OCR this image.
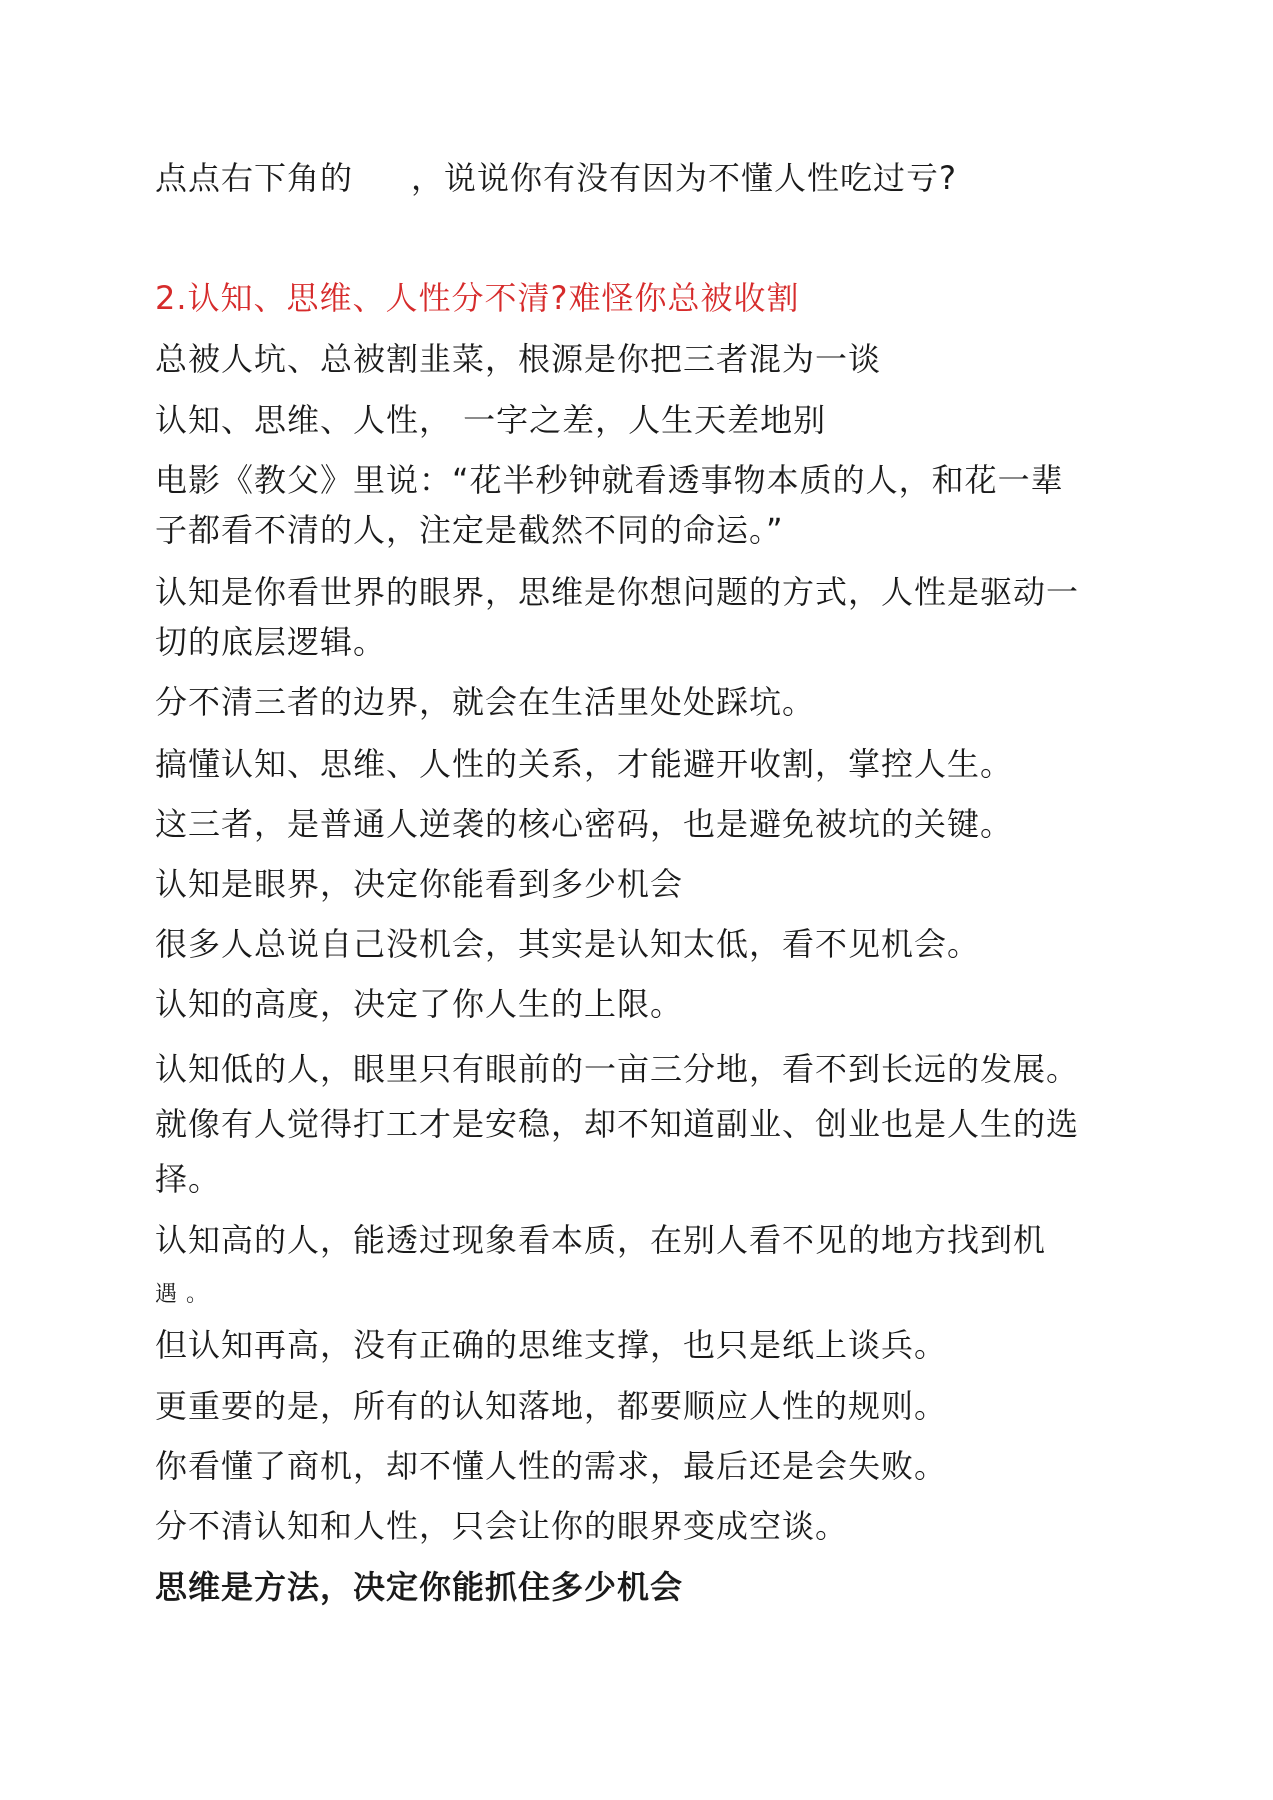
点点右下角的 ，说说你有没有因为不懂人性吃过亏?
2.认知、思维、人性分不清?难怪你总被收割
总被人坑、总被割韭菜，根源是你把三者混为一谈
认知、思维、人性， 一字之差，人生天差地别
电影《教父》里说：“花半秒钟就看透事物本质的人，和花一辈
子都看不清的人，注定是截然不同的命运。”
认知是你看世界的眼界，思维是你想问题的方式，人性是驱动一
切的底层逻辑。
分不清三者的边界，就会在生活里处处踩坑。
搞懂认知、思维、人性的关系，才能避开收割，掌控人生。
这三者，是普通人逆袭的核心密码，也是避免被坑的关键。
认知是眼界，决定你能看到多少机会
很多人总说自己没机会，其实是认知太低，看不见机会。
认知的高度，决定了你人生的上限。
认知低的人，眼里只有眼前的一亩三分地，看不到长远的发展。
就像有人觉得打工才是安稳，却不知道副业、创业也是人生的选
择。
认知高的人，能透过现象看本质，在别人看不见的地方找到机
遇 。
但认知再高，没有正确的思维支撑，也只是纸上谈兵。
更重要的是，所有的认知落地，都要顺应人性的规则。
你看懂了商机，却不懂人性的需求，最后还是会失败。
分不清认知和人性，只会让你的眼界变成空谈。
思维是方法，决定你能抓住多少机会
